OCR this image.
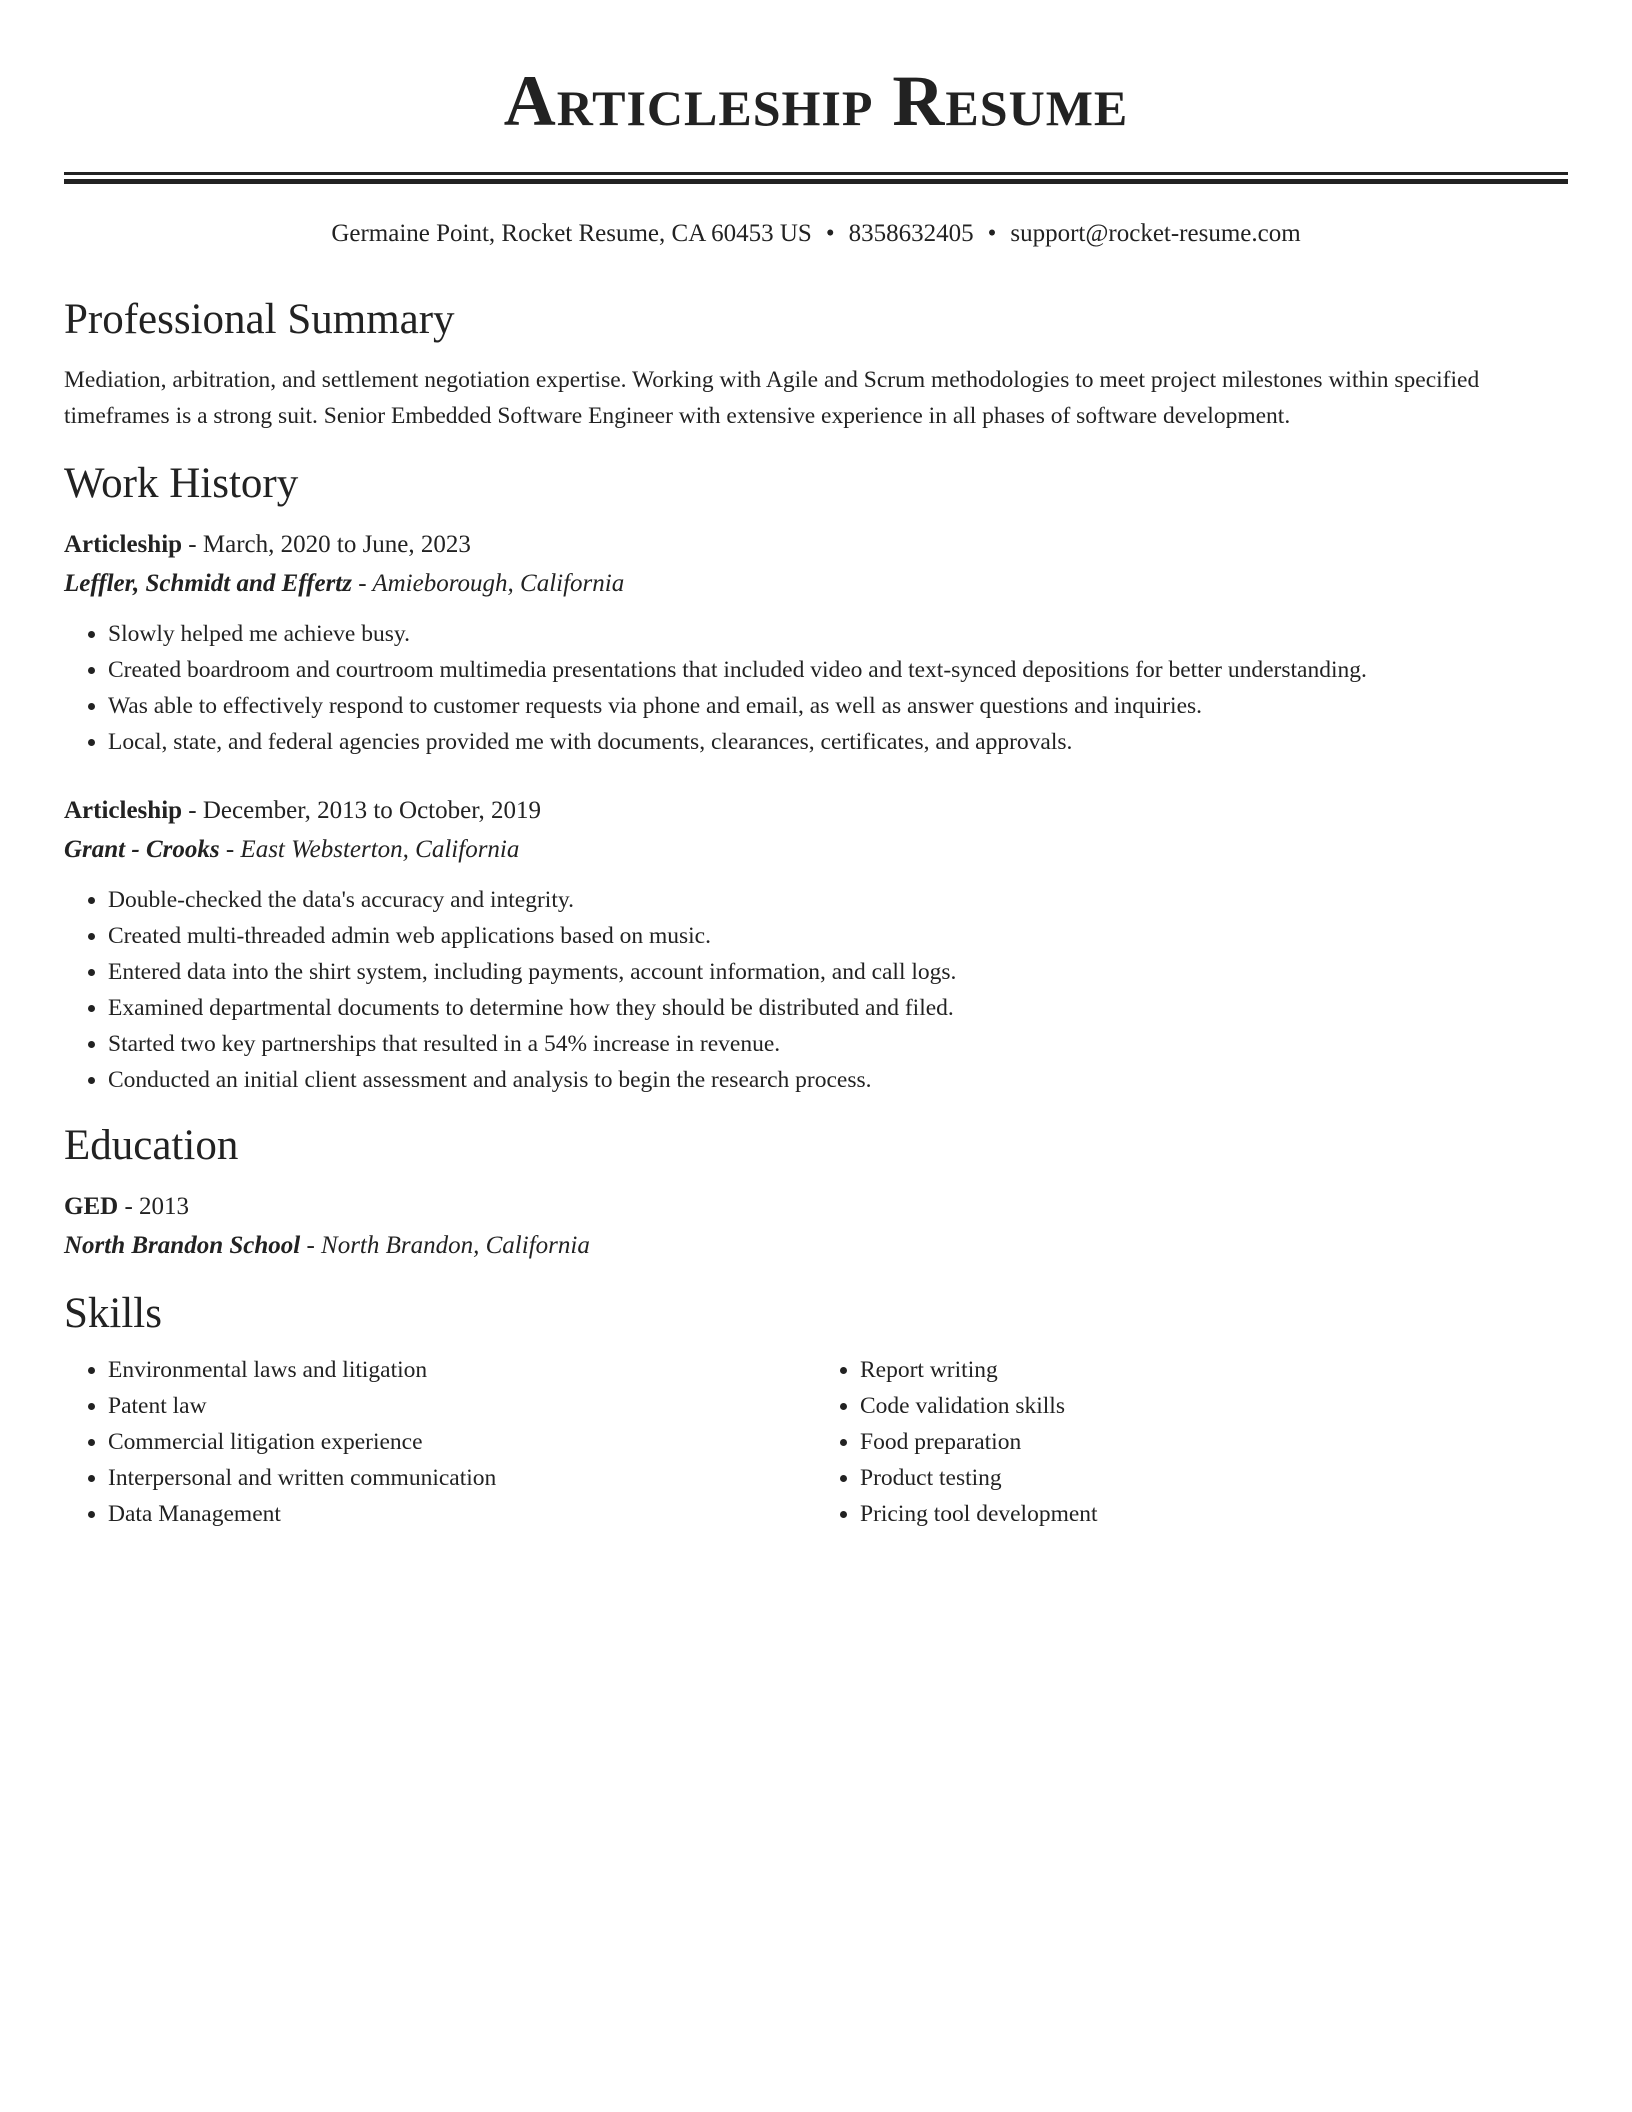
Articleship Resume
Germaine Point, Rocket Resume, CA 60453 US • 8358632405 • support@rocket-resume.com
Professional Summary
Mediation, arbitration, and settlement negotiation expertise. Working with Agile and Scrum methodologies to meet project milestones within specified timeframes is a strong suit. Senior Embedded Software Engineer with extensive experience in all phases of software development.
Work History
Articleship - March, 2020 to June, 2023
Leffler, Schmidt and Effertz - Amieborough, California
• Slowly helped me achieve busy.
• Created boardroom and courtroom multimedia presentations that included video and text-synced depositions for better understanding.
• Was able to effectively respond to customer requests via phone and email, as well as answer questions and inquiries.
• Local, state, and federal agencies provided me with documents, clearances, certificates, and approvals.
Articleship - December, 2013 to October, 2019
Grant - Crooks - East Websterton, California
• Double-checked the data's accuracy and integrity.
• Created multi-threaded admin web applications based on music.
• Entered data into the shirt system, including payments, account information, and call logs.
• Examined departmental documents to determine how they should be distributed and filed.
• Started two key partnerships that resulted in a 54% increase in revenue.
• Conducted an initial client assessment and analysis to begin the research process.
Education
GED - 2013
North Brandon School - North Brandon, California
Skills
• Environmental laws and litigation
• Patent law
• Commercial litigation experience
• Interpersonal and written communication
• Data Management
• Report writing
• Code validation skills
• Food preparation
• Product testing
• Pricing tool development
